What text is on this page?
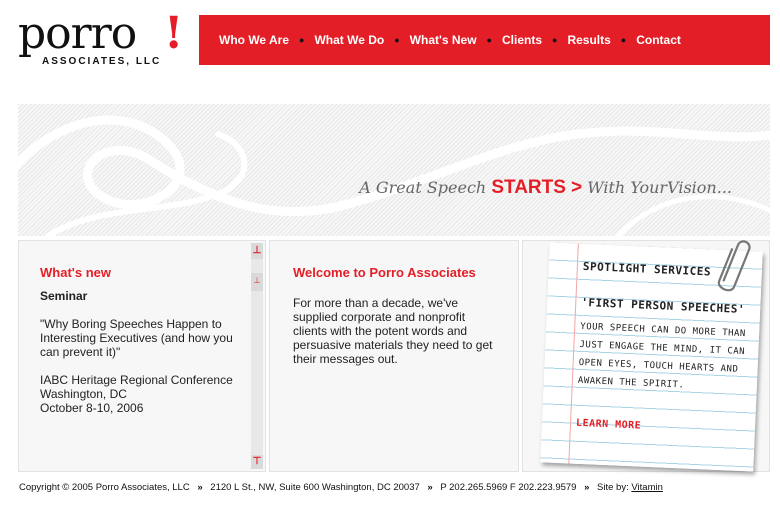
porro !
ASSOCIATES, LLC
Who We Are ● What We Do ● What's New ● Clients ● Results ● Contact
A Great Speech STARTS > With YourVision...
What's new
Seminar

"Why Boring Speeches Happen to Interesting Executives (and how you can prevent it)"

IABC Heritage Regional Conference
Washington, DC
October 8-10, 2006

⊥
⊥
⊤
Welcome to Porro Associates

For more than a decade, we've supplied corporate and nonprofit clients with the potent words and persuasive materials they need to get their messages out.

SPOTLIGHT SERVICES
'FIRST PERSON SPEECHES'
YOUR SPEECH CAN DO MORE THAN
JUST ENGAGE THE MIND, IT CAN
OPEN EYES, TOUCH HEARTS AND
AWAKEN THE SPIRIT.
LEARN MORE
Copyright © 2005 Porro Associates, LLC » 2120 L St., NW, Suite 600 Washington, DC 20037 » P 202.265.5969 F 202.223.9579 » Site by: Vitamin
